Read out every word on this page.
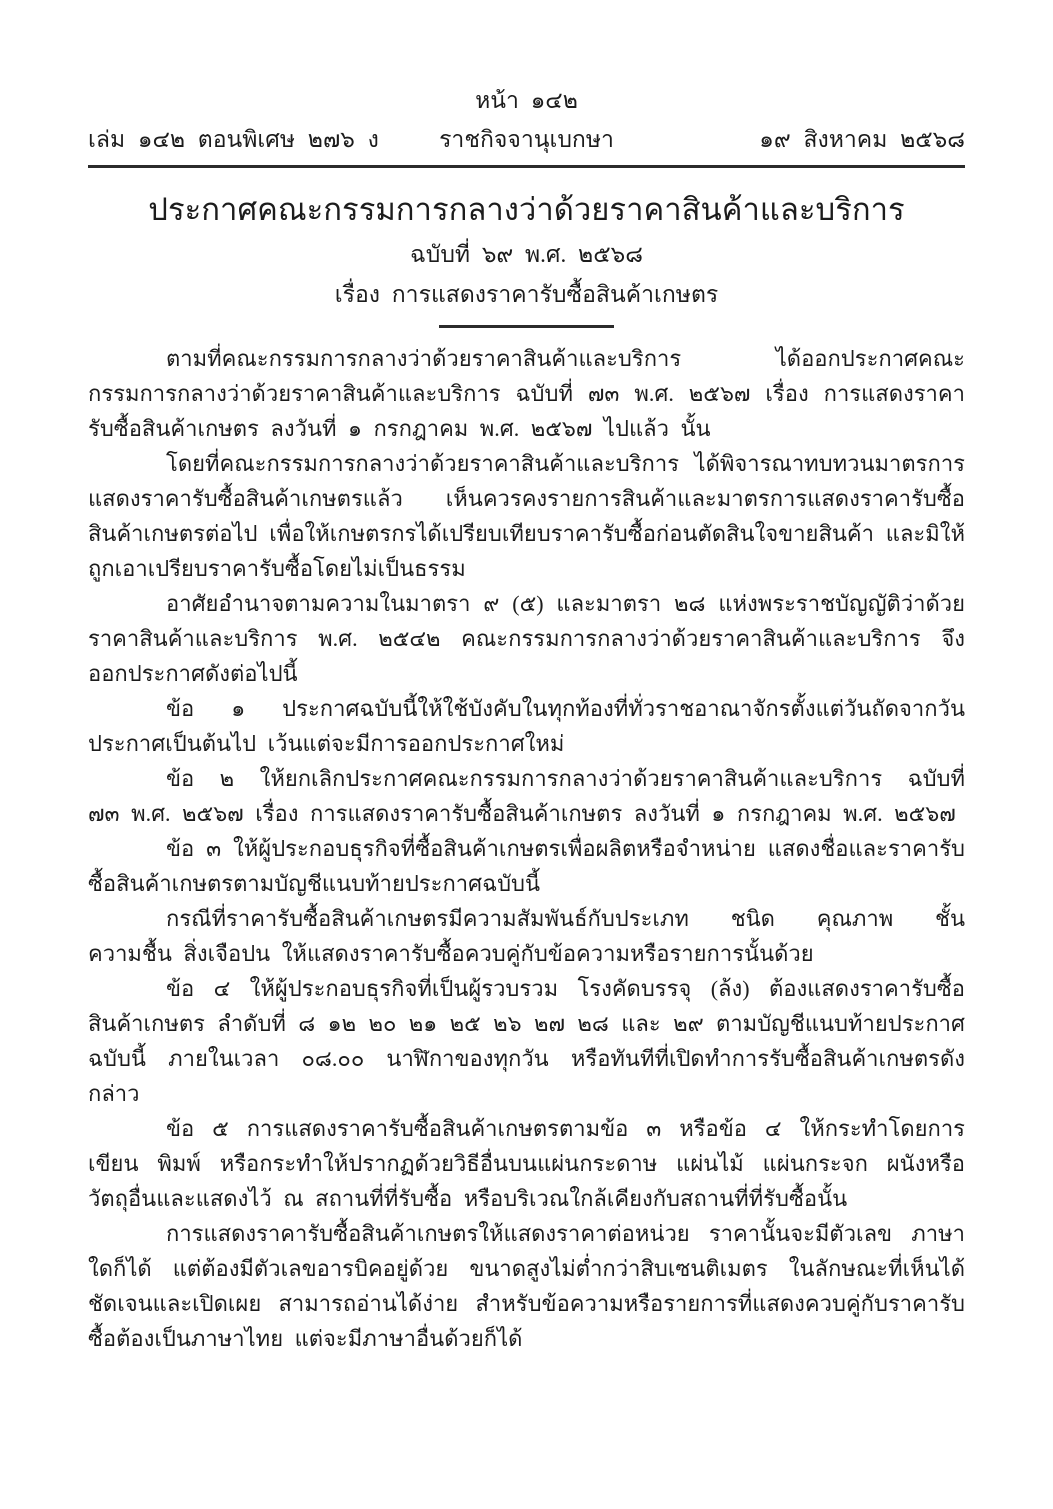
หน้า ๑๔๒
เล่ม ๑๔๒ ตอนพิเศษ ๒๗๖ ง	ราชกิจจานุเบกษา	๑๙ สิงหาคม ๒๕๖๘
ประกาศคณะกรรมการกลางว่าด้วยราคาสินค้าและบริการ
ฉบับที่ ๖๙ พ.ศ. ๒๕๖๘
เรื่อง การแสดงราคารับซื้อสินค้าเกษตร

ตามที่คณะกรรมการกลางว่าด้วยราคาสินค้าและบริการ ได้ออกประกาศคณะกรรมการกลางว่าด้วยราคาสินค้าและบริการ ฉบับที่ ๗๓ พ.ศ. ๒๕๖๗ เรื่อง การแสดงราคารับซื้อสินค้าเกษตร ลงวันที่ ๑ กรกฎาคม พ.ศ. ๒๕๖๗ ไปแล้ว นั้น

โดยที่คณะกรรมการกลางว่าด้วยราคาสินค้าและบริการ ได้พิจารณาทบทวนมาตรการแสดงราคารับซื้อสินค้าเกษตรแล้ว เห็นควรคงรายการสินค้าและมาตรการแสดงราคารับซื้อสินค้าเกษตรต่อไป เพื่อให้เกษตรกรได้เปรียบเทียบราคารับซื้อก่อนตัดสินใจขายสินค้า และมิให้ถูกเอาเปรียบราคารับซื้อโดยไม่เป็นธรรม

อาศัยอำนาจตามความในมาตรา ๙ (๕) และมาตรา ๒๘ แห่งพระราชบัญญัติว่าด้วยราคาสินค้าและบริการ พ.ศ. ๒๕๔๒ คณะกรรมการกลางว่าด้วยราคาสินค้าและบริการ จึงออกประกาศดังต่อไปนี้

ข้อ ๑ ประกาศฉบับนี้ให้ใช้บังคับในทุกท้องที่ทั่วราชอาณาจักรตั้งแต่วันถัดจากวันประกาศเป็นต้นไป เว้นแต่จะมีการออกประกาศใหม่

ข้อ ๒ ให้ยกเลิกประกาศคณะกรรมการกลางว่าด้วยราคาสินค้าและบริการ ฉบับที่ ๗๓ พ.ศ. ๒๕๖๗ เรื่อง การแสดงราคารับซื้อสินค้าเกษตร ลงวันที่ ๑ กรกฎาคม พ.ศ. ๒๕๖๗

ข้อ ๓ ให้ผู้ประกอบธุรกิจที่ซื้อสินค้าเกษตรเพื่อผลิตหรือจำหน่าย แสดงชื่อและราคารับซื้อสินค้าเกษตรตามบัญชีแนบท้ายประกาศฉบับนี้

กรณีที่ราคารับซื้อสินค้าเกษตรมีความสัมพันธ์กับประเภท ชนิด คุณภาพ ชั้น ความชื้น สิ่งเจือปน ให้แสดงราคารับซื้อควบคู่กับข้อความหรือรายการนั้นด้วย

ข้อ ๔ ให้ผู้ประกอบธุรกิจที่เป็นผู้รวบรวม โรงคัดบรรจุ (ล้ง) ต้องแสดงราคารับซื้อสินค้าเกษตร ลำดับที่ ๘ ๑๒ ๒๐ ๒๑ ๒๕ ๒๖ ๒๗ ๒๘ และ ๒๙ ตามบัญชีแนบท้ายประกาศฉบับนี้ ภายในเวลา ๐๘.๐๐ นาฬิกาของทุกวัน หรือทันทีที่เปิดทำการรับซื้อสินค้าเกษตรดังกล่าว

ข้อ ๕ การแสดงราคารับซื้อสินค้าเกษตรตามข้อ ๓ หรือข้อ ๔ ให้กระทำโดยการเขียน พิมพ์ หรือกระทำให้ปรากฏด้วยวิธีอื่นบนแผ่นกระดาษ แผ่นไม้ แผ่นกระจก ผนังหรือวัตถุอื่นและแสดงไว้ ณ สถานที่ที่รับซื้อ หรือบริเวณใกล้เคียงกับสถานที่ที่รับซื้อนั้น

การแสดงราคารับซื้อสินค้าเกษตรให้แสดงราคาต่อหน่วย ราคานั้นจะมีตัวเลข ภาษาใดก็ได้ แต่ต้องมีตัวเลขอารบิคอยู่ด้วย ขนาดสูงไม่ต่ำกว่าสิบเซนติเมตร ในลักษณะที่เห็นได้ชัดเจนและเปิดเผย สามารถอ่านได้ง่าย สำหรับข้อความหรือรายการที่แสดงควบคู่กับราคารับซื้อต้องเป็นภาษาไทย แต่จะมีภาษาอื่นด้วยก็ได้
